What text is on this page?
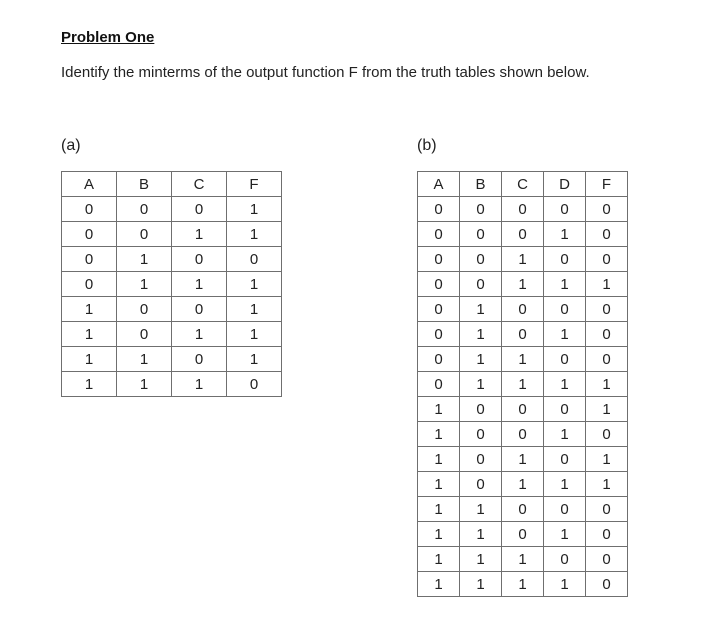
Problem One
Identify the minterms of the output function F from the truth tables shown below.
(a)
A	B	C	F
0	0	0	1
0	0	1	1
0	1	0	0
0	1	1	1
1	0	0	1
1	0	1	1
1	1	0	1
1	1	1	0
(b)
A	B	C	D	F
0	0	0	0	0
0	0	0	1	0
0	0	1	0	0
0	0	1	1	1
0	1	0	0	0
0	1	0	1	0
0	1	1	0	0
0	1	1	1	1
1	0	0	0	1
1	0	0	1	0
1	0	1	0	1
1	0	1	1	1
1	1	0	0	0
1	1	0	1	0
1	1	1	0	0
1	1	1	1	0
